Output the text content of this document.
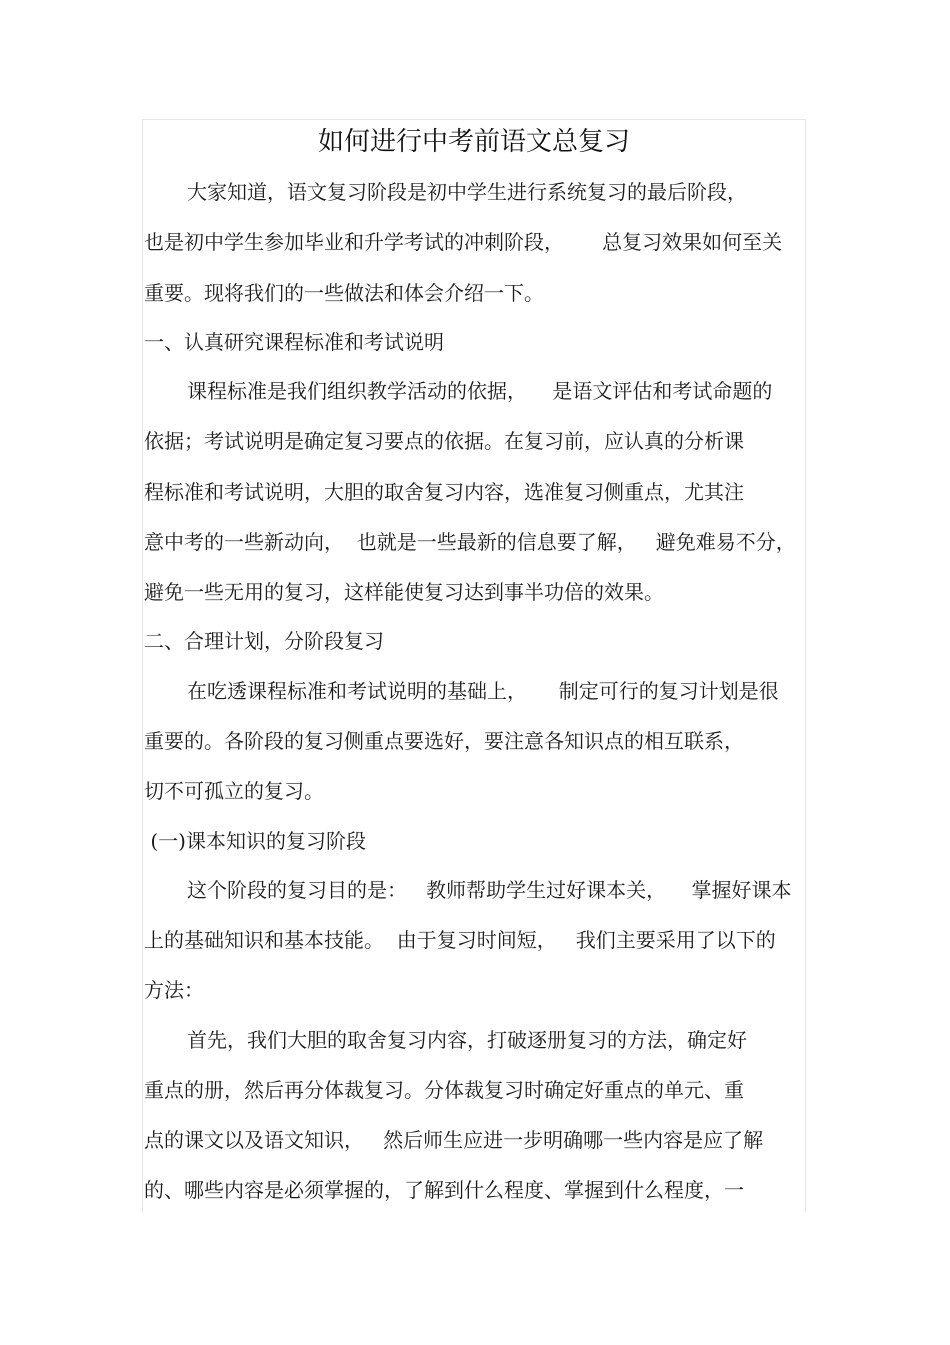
如何进行中考前语文总复习
大家知道，语文复习阶段是初中学生进行系统复习的最后阶段，
也是初中学生参加毕业和升学考试的冲刺阶段，      总复习效果如何至关
重要。现将我们的一些做法和体会介绍一下。
一、认真研究课程标准和考试说明
课程标准是我们组织教学活动的依据，    是语文评估和考试命题的
依据；考试说明是确定复习要点的依据。在复习前，应认真的分析课
程标准和考试说明，大胆的取舍复习内容，选准复习侧重点，尤其注
意中考的一些新动向，  也就是一些最新的信息要了解，   避免难易不分，
避免一些无用的复习，这样能使复习达到事半功倍的效果。
二、合理计划，分阶段复习
在吃透课程标准和考试说明的基础上，     制定可行的复习计划是很
重要的。各阶段的复习侧重点要选好，要注意各知识点的相互联系，
切不可孤立的复习。
(一)课本知识的复习阶段
这个阶段的复习目的是：   教师帮助学生过好课本关，    掌握好课本
上的基础知识和基本技能。  由于复习时间短，   我们主要采用了以下的
方法：
首先，我们大胆的取舍复习内容，打破逐册复习的方法，确定好
重点的册，然后再分体裁复习。分体裁复习时确定好重点的单元、重
点的课文以及语文知识，   然后师生应进一步明确哪一些内容是应了解
的、哪些内容是必须掌握的，了解到什么程度、掌握到什么程度，一
